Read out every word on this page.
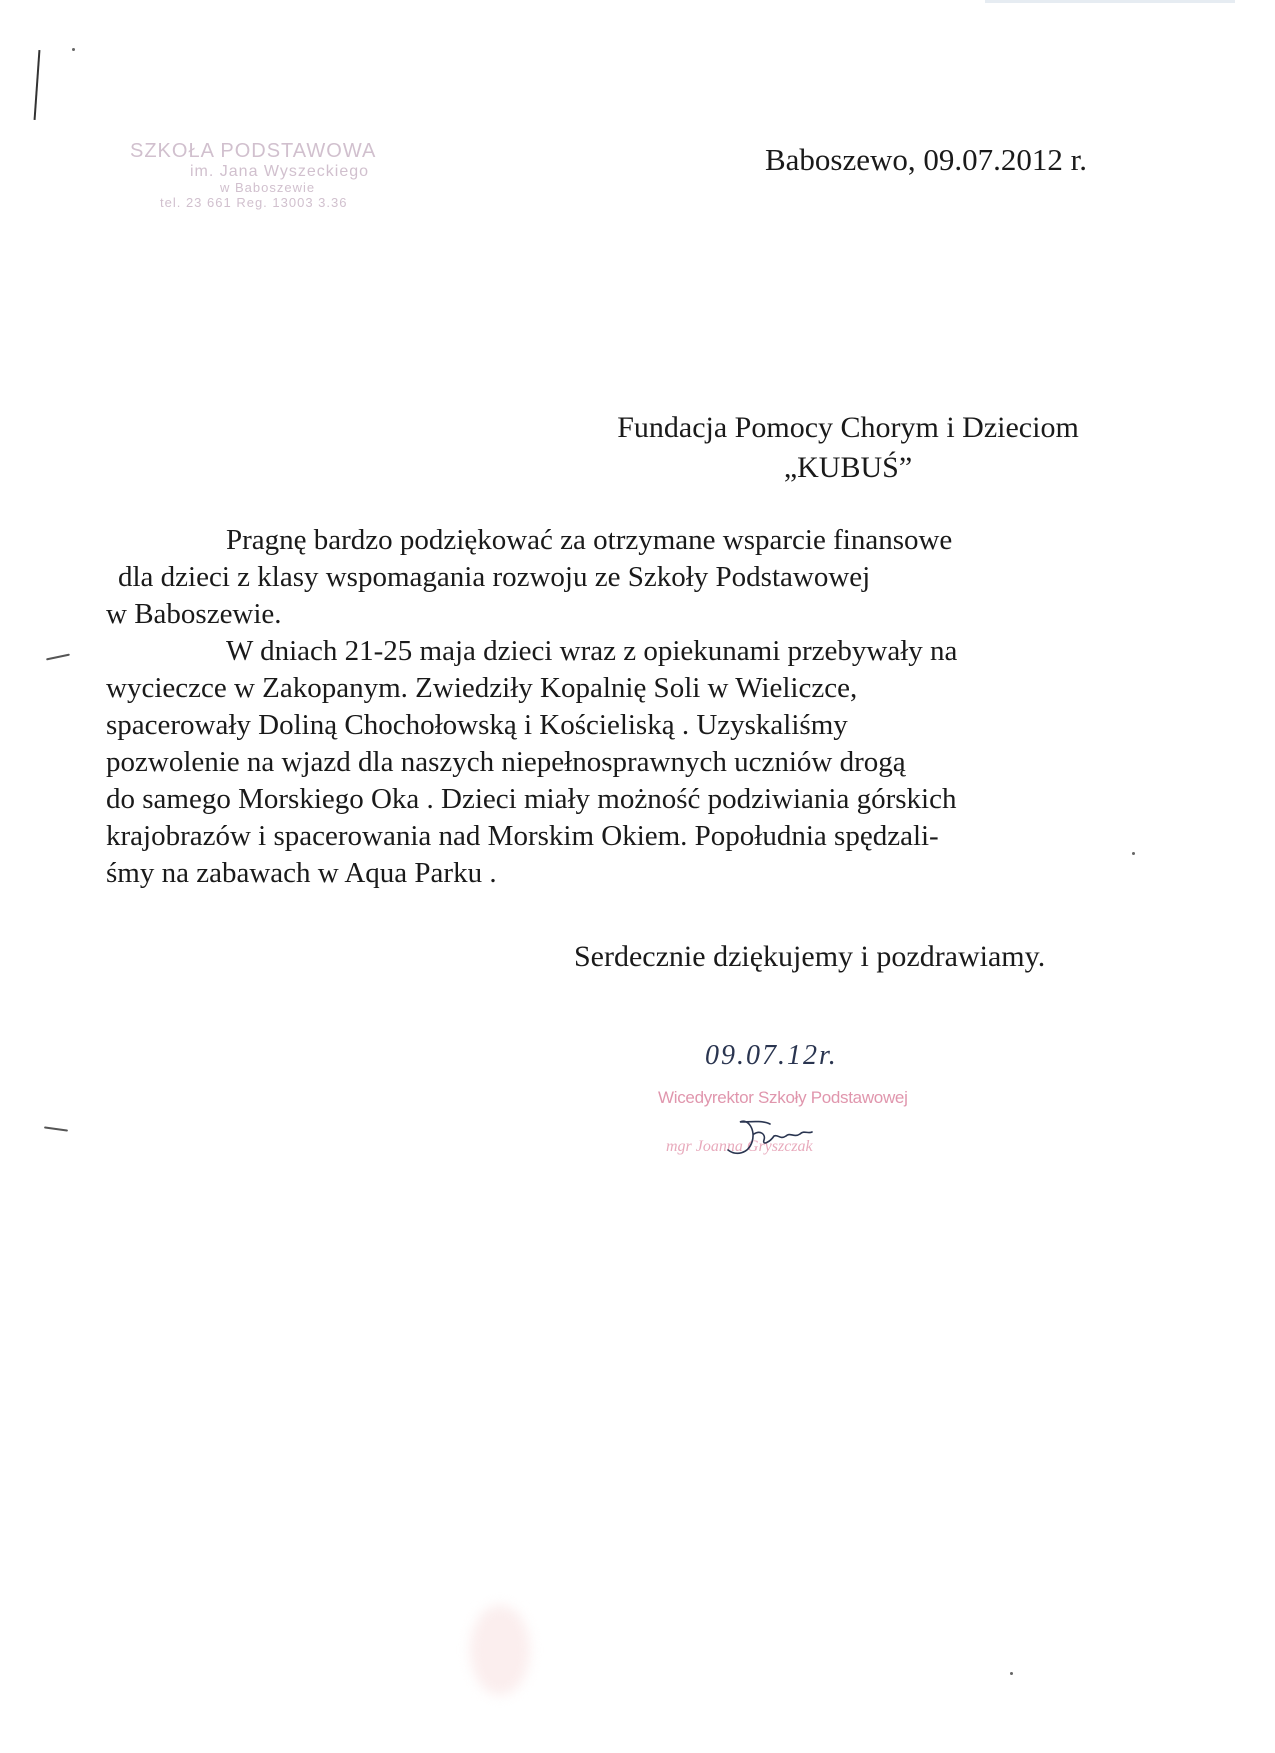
SZKOŁA PODSTAWOWA
im. Jana Wyszeckiego
w Baboszewie
tel. 23 661 Reg. 13003 3.36
Baboszewo, 09.07.2012 r.
Fundacja Pomocy Chorym i Dzieciom
„KUBUŚ”

Pragnę bardzo podziękować za otrzymane wsparcie finansowe

dla dzieci z klasy wspomagania rozwoju ze Szkoły Podstawowej

w Baboszewie.

W dniach 21-25 maja dzieci wraz z opiekunami przebywały na

wycieczce w Zakopanym. Zwiedziły Kopalnię Soli w Wieliczce,

spacerowały Doliną Chochołowską i Kościeliską . Uzyskaliśmy

pozwolenie na wjazd dla naszych niepełnosprawnych uczniów drogą

do samego Morskiego Oka . Dzieci miały możność podziwiania górskich

krajobrazów i spacerowania nad Morskim Okiem. Popołudnia spędzali-

śmy na zabawach w Aqua Parku .

Serdecznie dziękujemy i pozdrawiamy.
09.07.12r.
Wicedyrektor Szkoły Podstawowej
mgr Joanna Gryszczak
